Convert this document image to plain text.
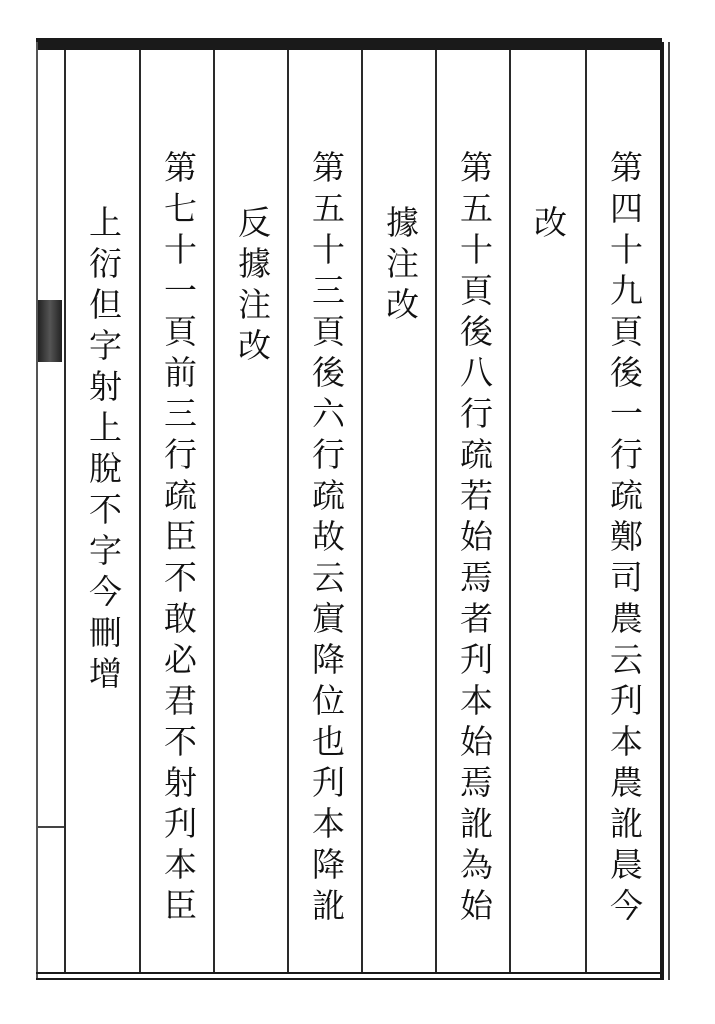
第四十九頁後一行疏鄭司農云刋本農訛晨今
改
第五十頁後八行疏若始焉者刋本始焉訛為始
據注改
第五十三頁後六行疏故云賔降位也刋本降訛
反據注改
第七十一頁前三行疏臣不敢必君不射刋本臣
上衍但字射上脫不字今刪增
